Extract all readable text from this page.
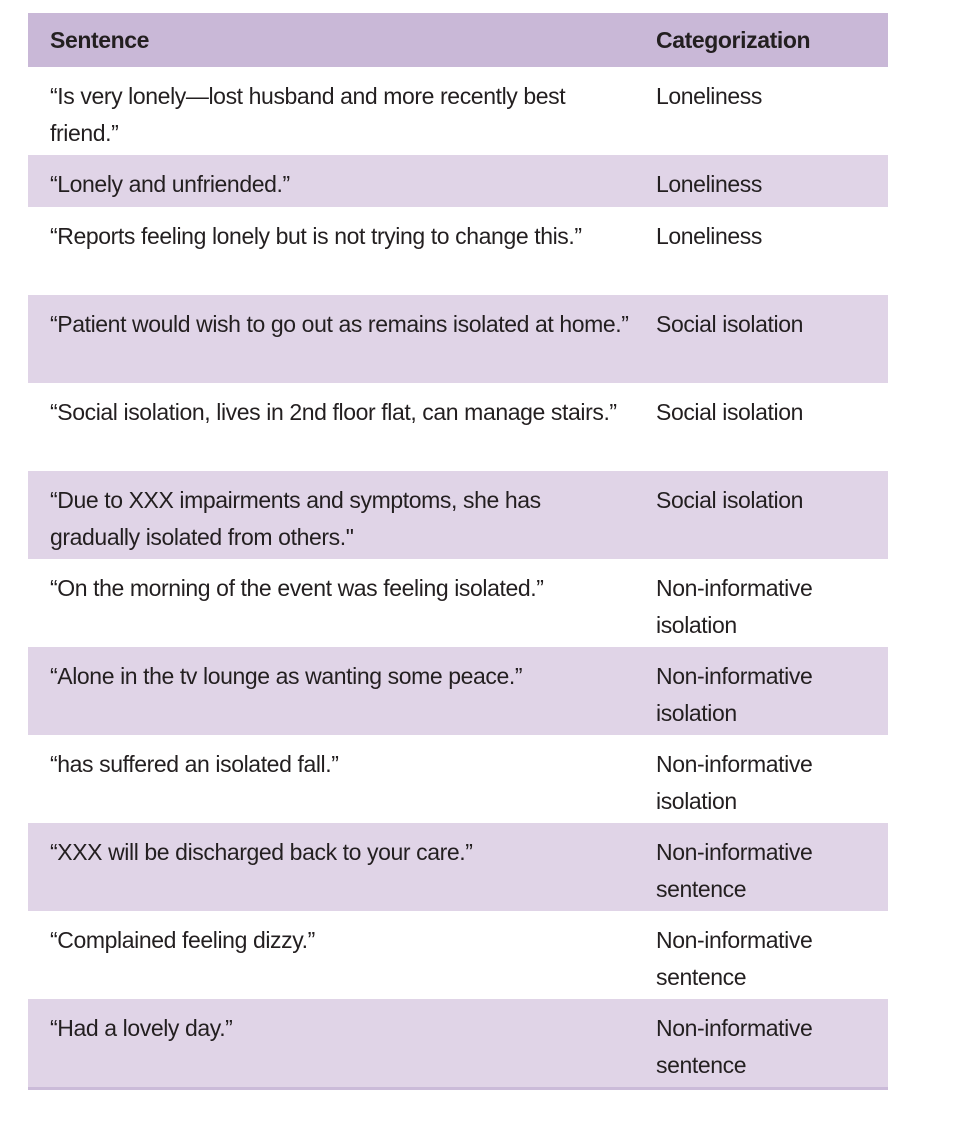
Sentence	Categorization
“Is very lonely—lost husband and more recently best friend.”	Loneliness
“Lonely and unfriended.”	Loneliness
“Reports feeling lonely but is not trying to change this.”	Loneliness
“Patient would wish to go out as remains isolated at home.”	Social isolation
“Social isolation, lives in 2nd floor flat, can manage stairs.”	Social isolation
“Due to XXX impairments and symptoms, she has gradually isolated from others."	Social isolation
“On the morning of the event was feeling isolated.”	Non-informative isolation
“Alone in the tv lounge as wanting some peace.”	Non-informative isolation
“has suffered an isolated fall.”	Non-informative isolation
“XXX will be discharged back to your care.”	Non-informative sentence
“Complained feeling dizzy.”	Non-informative sentence
“Had a lovely day.”	Non-informative sentence
